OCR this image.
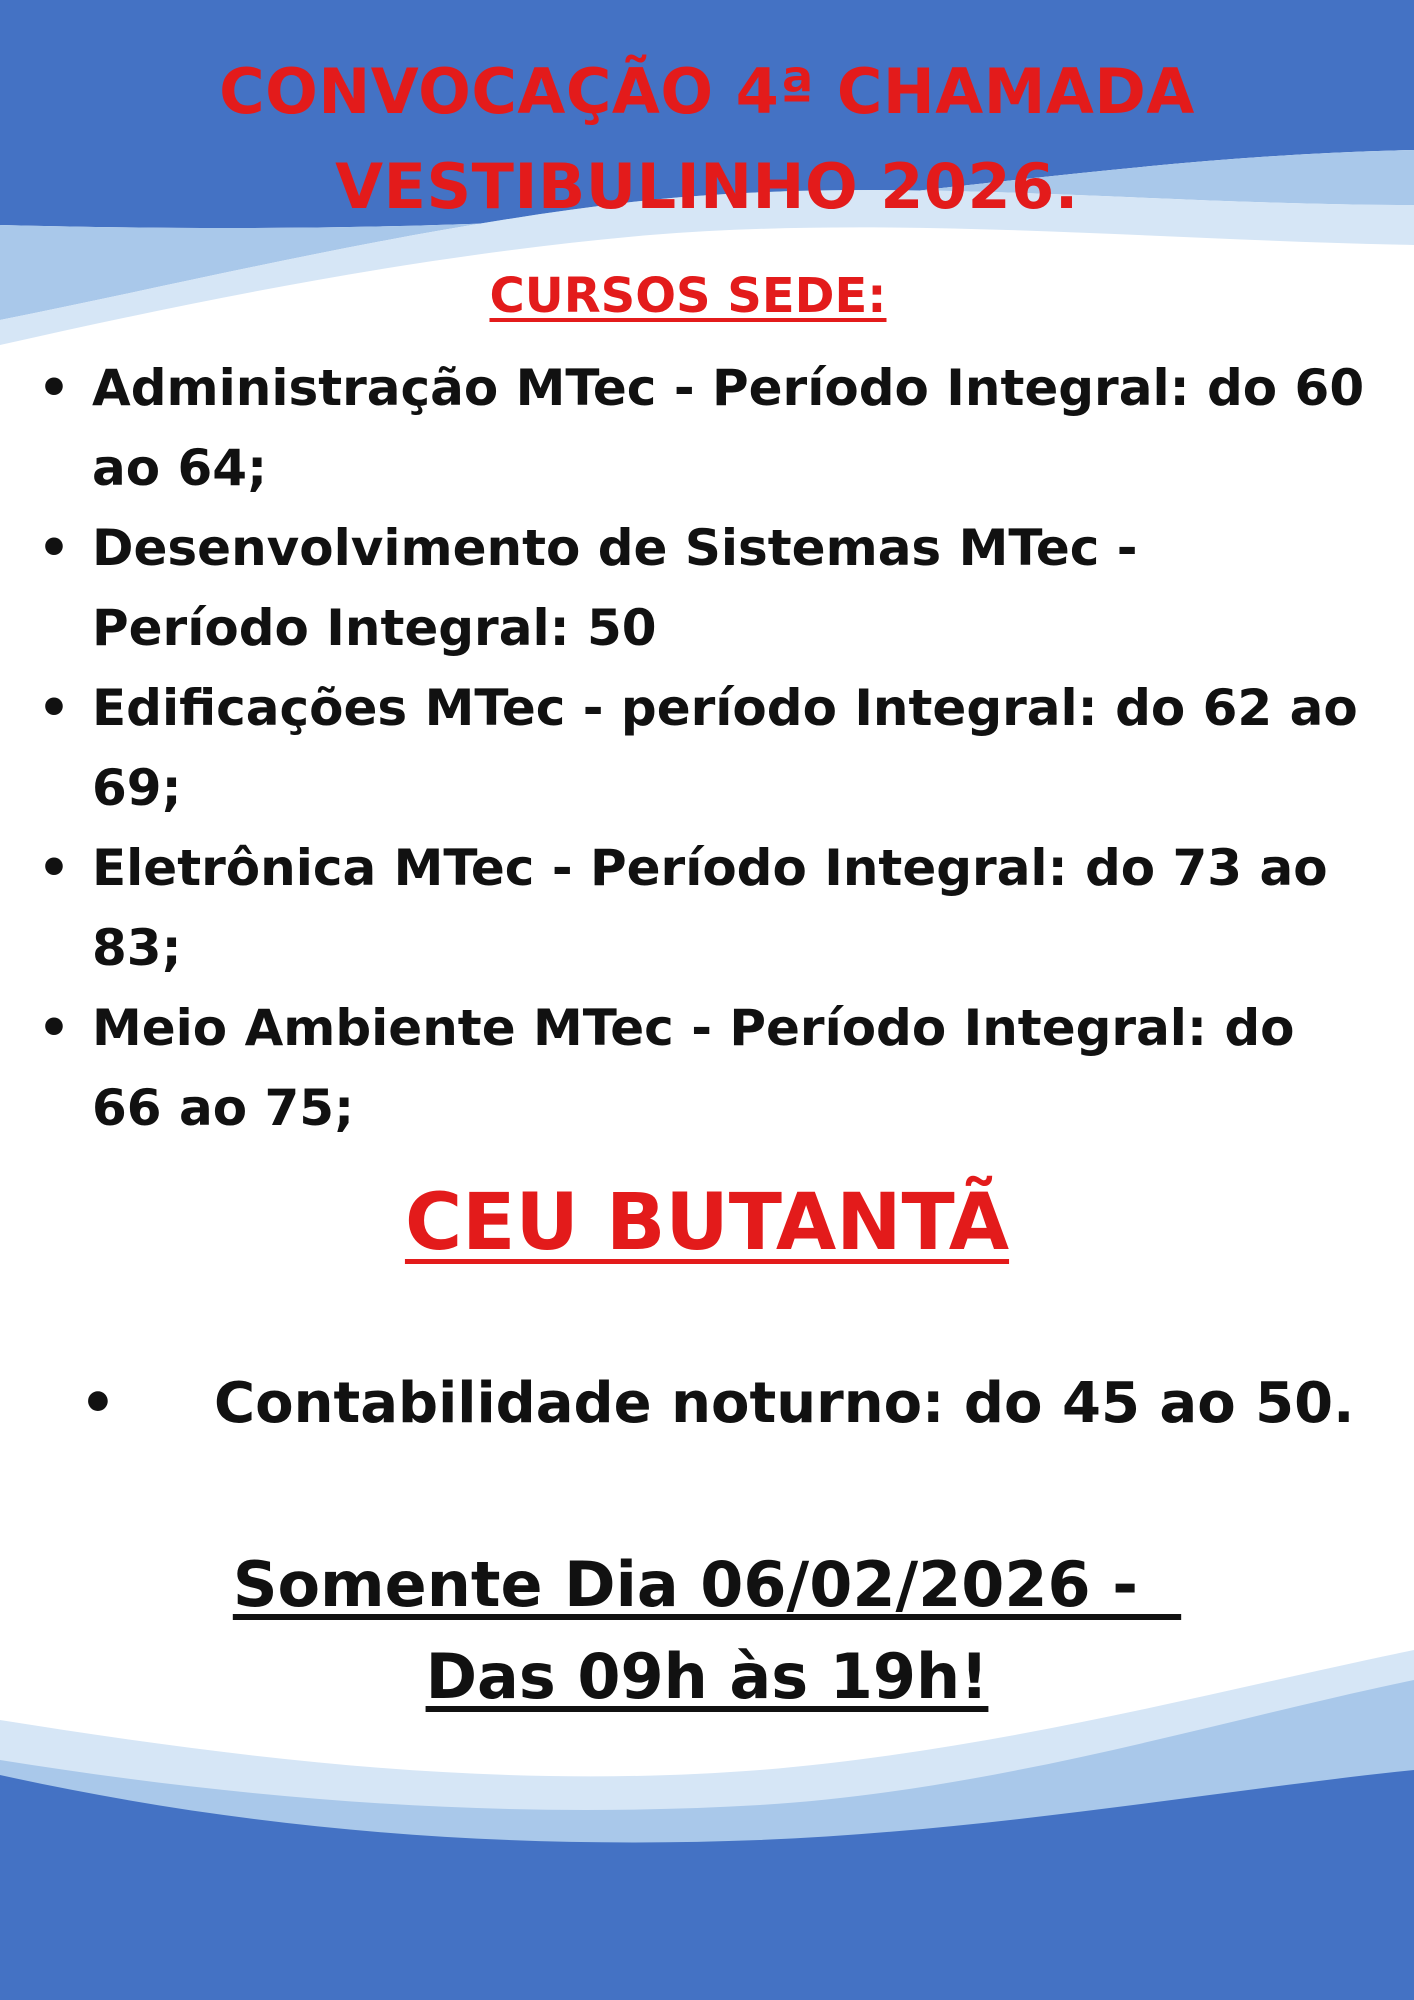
CONVOCAÇÃO 4ª CHAMADA
VESTIBULINHO 2026.
CURSOS SEDE:
• Administração MTec - Período Integral: do 60
ao 64;
• Desenvolvimento de Sistemas MTec -
Período Integral: 50
• Edificações MTec - período Integral: do 62 ao
69;
• Eletrônica MTec - Período Integral: do 73 ao
83;
• Meio Ambiente MTec - Período Integral: do
66 ao 75;
CEU BUTANTÃ
• Contabilidade noturno: do 45 ao 50.
Somente Dia 06/02/2026 -
Das 09h às 19h!
